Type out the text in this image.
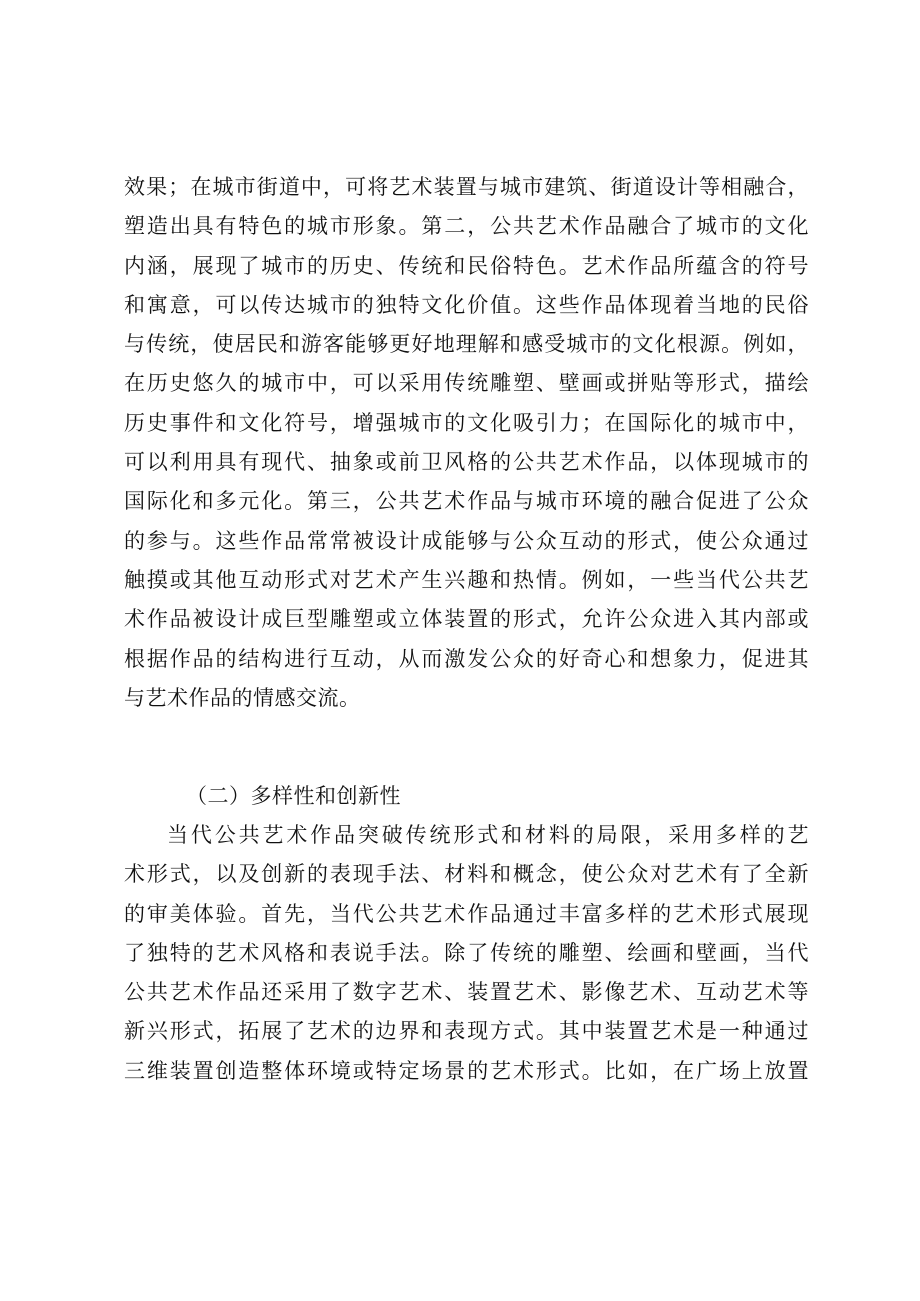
效果；在城市街道中，可将艺术装置与城市建筑、街道设计等相融合，
塑造出具有特色的城市形象。第二，公共艺术作品融合了城市的文化
内涵，展现了城市的历史、传统和民俗特色。艺术作品所蕴含的符号
和寓意，可以传达城市的独特文化价值。这些作品体现着当地的民俗
与传统，使居民和游客能够更好地理解和感受城市的文化根源。例如，
在历史悠久的城市中，可以采用传统雕塑、壁画或拼贴等形式，描绘
历史事件和文化符号，增强城市的文化吸引力；在国际化的城市中，
可以利用具有现代、抽象或前卫风格的公共艺术作品，以体现城市的
国际化和多元化。第三，公共艺术作品与城市环境的融合促进了公众
的参与。这些作品常常被设计成能够与公众互动的形式，使公众通过
触摸或其他互动形式对艺术产生兴趣和热情。例如，一些当代公共艺
术作品被设计成巨型雕塑或立体装置的形式，允许公众进入其内部或
根据作品的结构进行互动，从而激发公众的好奇心和想象力，促进其
与艺术作品的情感交流。
（二）多样性和创新性
当代公共艺术作品突破传统形式和材料的局限，采用多样的艺
术形式，以及创新的表现手法、材料和概念，使公众对艺术有了全新
的审美体验。首先，当代公共艺术作品通过丰富多样的艺术形式展现
了独特的艺术风格和表说手法。除了传统的雕塑、绘画和壁画，当代
公共艺术作品还采用了数字艺术、装置艺术、影像艺术、互动艺术等
新兴形式，拓展了艺术的边界和表现方式。其中装置艺术是一种通过
三维装置创造整体环境或特定场景的艺术形式。比如，在广场上放置
